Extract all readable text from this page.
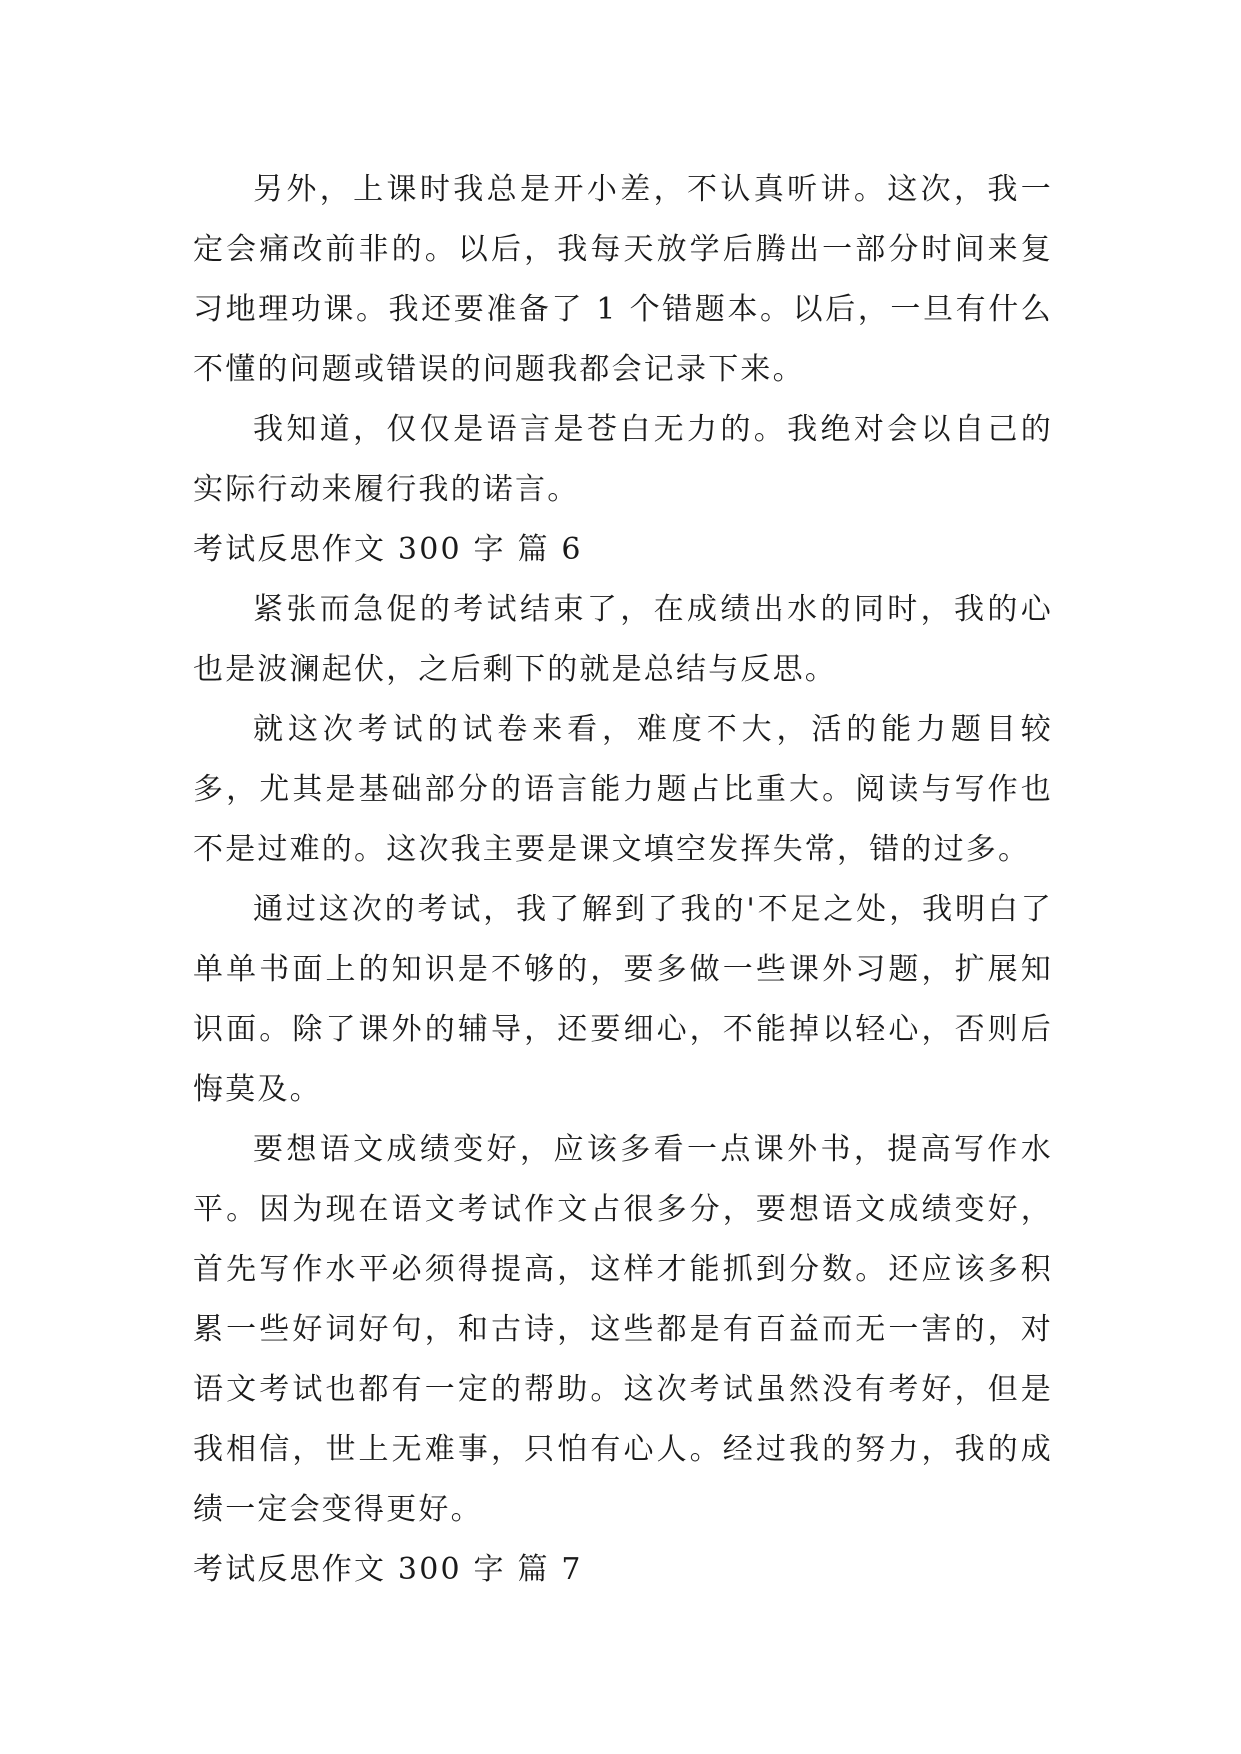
另外，上课时我总是开小差，不认真听讲。这次，我一定会痛改前非的。以后，我每天放学后腾出一部分时间来复习地理功课。我还要准备了 1 个错题本。以后，一旦有什么不懂的问题或错误的问题我都会记录下来。

我知道，仅仅是语言是苍白无力的。我绝对会以自己的实际行动来履行我的诺言。

考试反思作文 300 字 篇 6

紧张而急促的考试结束了，在成绩出水的同时，我的心也是波澜起伏，之后剩下的就是总结与反思。

就这次考试的试卷来看，难度不大，活的能力题目较多，尤其是基础部分的语言能力题占比重大。阅读与写作也不是过难的。这次我主要是课文填空发挥失常，错的过多。

通过这次的考试，我了解到了我的'不足之处，我明白了单单书面上的知识是不够的，要多做一些课外习题，扩展知识面。除了课外的辅导，还要细心，不能掉以轻心，否则后悔莫及。

要想语文成绩变好，应该多看一点课外书，提高写作水平。因为现在语文考试作文占很多分，要想语文成绩变好，首先写作水平必须得提高，这样才能抓到分数。还应该多积累一些好词好句，和古诗，这些都是有百益而无一害的，对语文考试也都有一定的帮助。这次考试虽然没有考好，但是我相信，世上无难事，只怕有心人。经过我的努力，我的成绩一定会变得更好。

考试反思作文 300 字 篇 7
